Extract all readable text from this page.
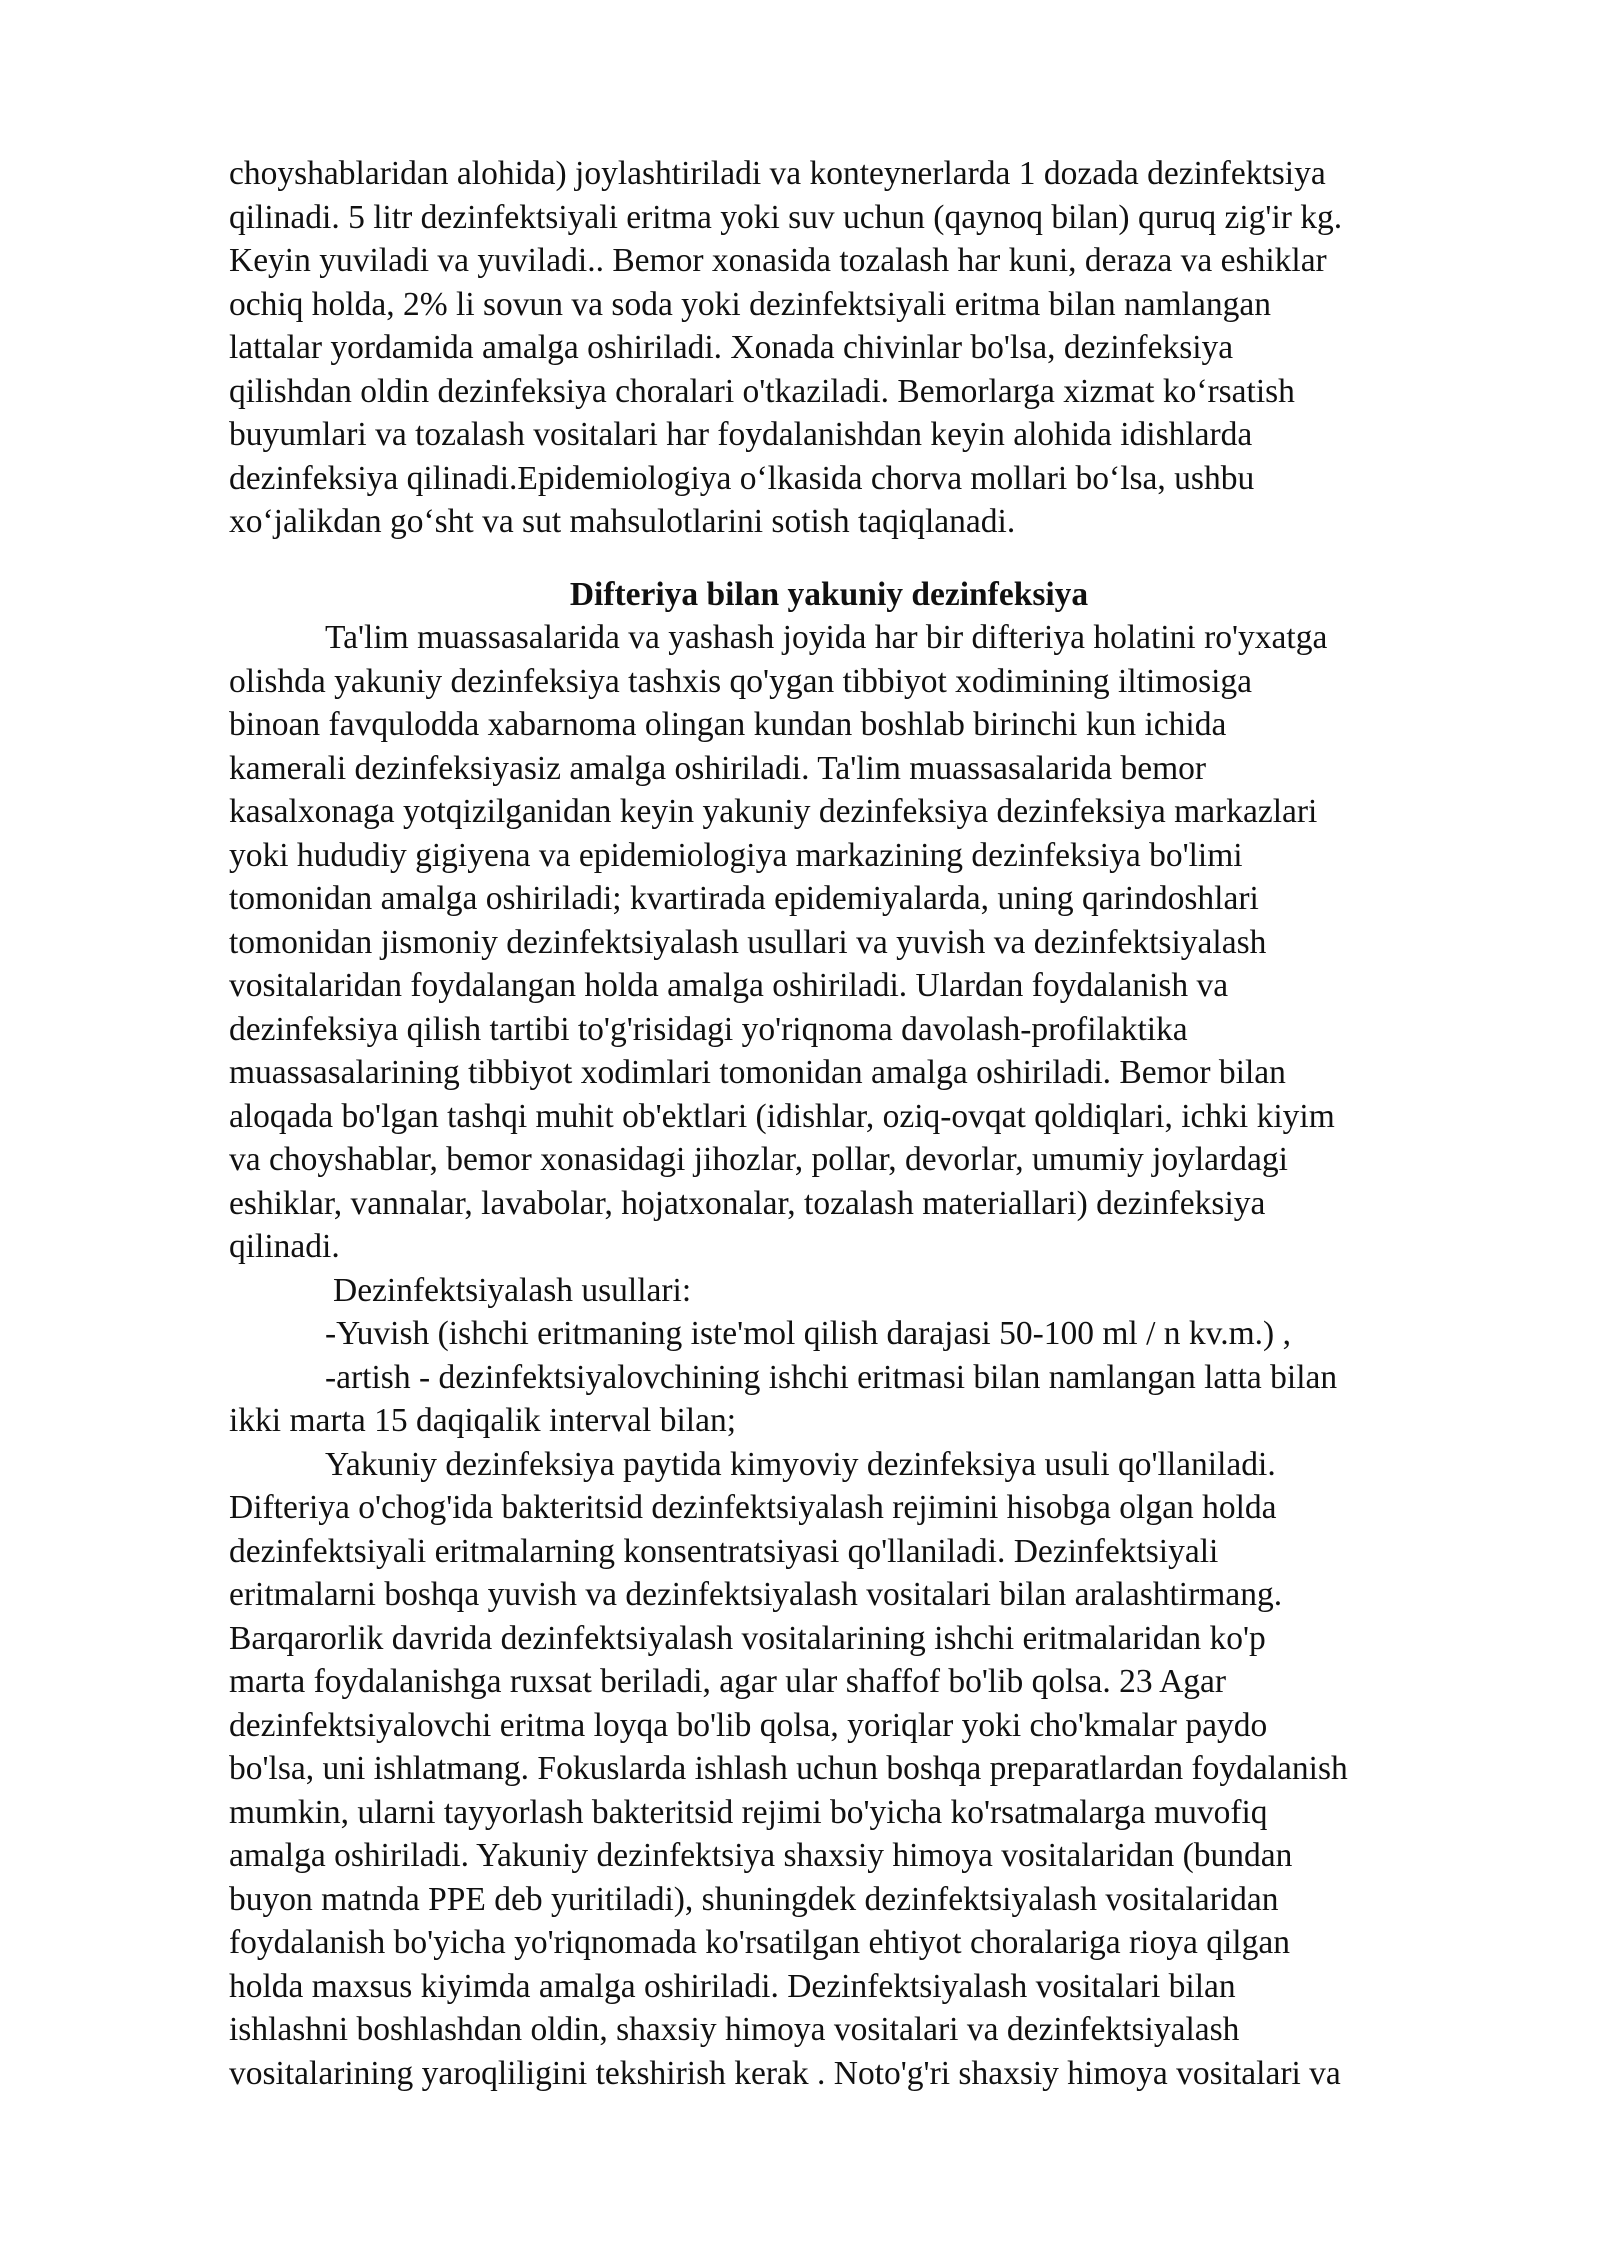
choyshablaridan alohida) joylashtiriladi va konteynerlarda 1 dozada dezinfektsiya
qilinadi. 5 litr dezinfektsiyali eritma yoki suv uchun (qaynoq bilan) quruq zig'ir kg.
Keyin yuviladi va yuviladi.. Bemor xonasida tozalash har kuni, deraza va eshiklar
ochiq holda, 2% li sovun va soda yoki dezinfektsiyali eritma bilan namlangan
lattalar yordamida amalga oshiriladi. Xonada chivinlar bo'lsa, dezinfeksiya
qilishdan oldin dezinfeksiya choralari o'tkaziladi. Bemorlarga xizmat ko‘rsatish
buyumlari va tozalash vositalari har foydalanishdan keyin alohida idishlarda
dezinfeksiya qilinadi.Epidemiologiya o‘lkasida chorva mollari bo‘lsa, ushbu
xo‘jalikdan go‘sht va sut mahsulotlarini sotish taqiqlanadi.
Difteriya bilan yakuniy dezinfeksiya
Ta'lim muassasalarida va yashash joyida har bir difteriya holatini ro'yxatga
olishda yakuniy dezinfeksiya tashxis qo'ygan tibbiyot xodimining iltimosiga
binoan favqulodda xabarnoma olingan kundan boshlab birinchi kun ichida
kamerali dezinfeksiyasiz amalga oshiriladi. Ta'lim muassasalarida bemor
kasalxonaga yotqizilganidan keyin yakuniy dezinfeksiya dezinfeksiya markazlari
yoki hududiy gigiyena va epidemiologiya markazining dezinfeksiya bo'limi
tomonidan amalga oshiriladi; kvartirada epidemiyalarda, uning qarindoshlari
tomonidan jismoniy dezinfektsiyalash usullari va yuvish va dezinfektsiyalash
vositalaridan foydalangan holda amalga oshiriladi. Ulardan foydalanish va
dezinfeksiya qilish tartibi to'g'risidagi yo'riqnoma davolash-profilaktika
muassasalarining tibbiyot xodimlari tomonidan amalga oshiriladi. Bemor bilan
aloqada bo'lgan tashqi muhit ob'ektlari (idishlar, oziq-ovqat qoldiqlari, ichki kiyim
va choyshablar, bemor xonasidagi jihozlar, pollar, devorlar, umumiy joylardagi
eshiklar, vannalar, lavabolar, hojatxonalar, tozalash materiallari) dezinfeksiya
qilinadi.
Dezinfektsiyalash usullari:
-Yuvish (ishchi eritmaning iste'mol qilish darajasi 50-100 ml / n kv.m.) ,
-artish - dezinfektsiyalovchining ishchi eritmasi bilan namlangan latta bilan
ikki marta 15 daqiqalik interval bilan;
Yakuniy dezinfeksiya paytida kimyoviy dezinfeksiya usuli qo'llaniladi.
Difteriya o'chog'ida bakteritsid dezinfektsiyalash rejimini hisobga olgan holda
dezinfektsiyali eritmalarning konsentratsiyasi qo'llaniladi. Dezinfektsiyali
eritmalarni boshqa yuvish va dezinfektsiyalash vositalari bilan aralashtirmang.
Barqarorlik davrida dezinfektsiyalash vositalarining ishchi eritmalaridan ko'p
marta foydalanishga ruxsat beriladi, agar ular shaffof bo'lib qolsa. 23 Agar
dezinfektsiyalovchi eritma loyqa bo'lib qolsa, yoriqlar yoki cho'kmalar paydo
bo'lsa, uni ishlatmang. Fokuslarda ishlash uchun boshqa preparatlardan foydalanish
mumkin, ularni tayyorlash bakteritsid rejimi bo'yicha ko'rsatmalarga muvofiq
amalga oshiriladi. Yakuniy dezinfektsiya shaxsiy himoya vositalaridan (bundan
buyon matnda PPE deb yuritiladi), shuningdek dezinfektsiyalash vositalaridan
foydalanish bo'yicha yo'riqnomada ko'rsatilgan ehtiyot choralariga rioya qilgan
holda maxsus kiyimda amalga oshiriladi. Dezinfektsiyalash vositalari bilan
ishlashni boshlashdan oldin, shaxsiy himoya vositalari va dezinfektsiyalash
vositalarining yaroqliligini tekshirish kerak . Noto'g'ri shaxsiy himoya vositalari va
